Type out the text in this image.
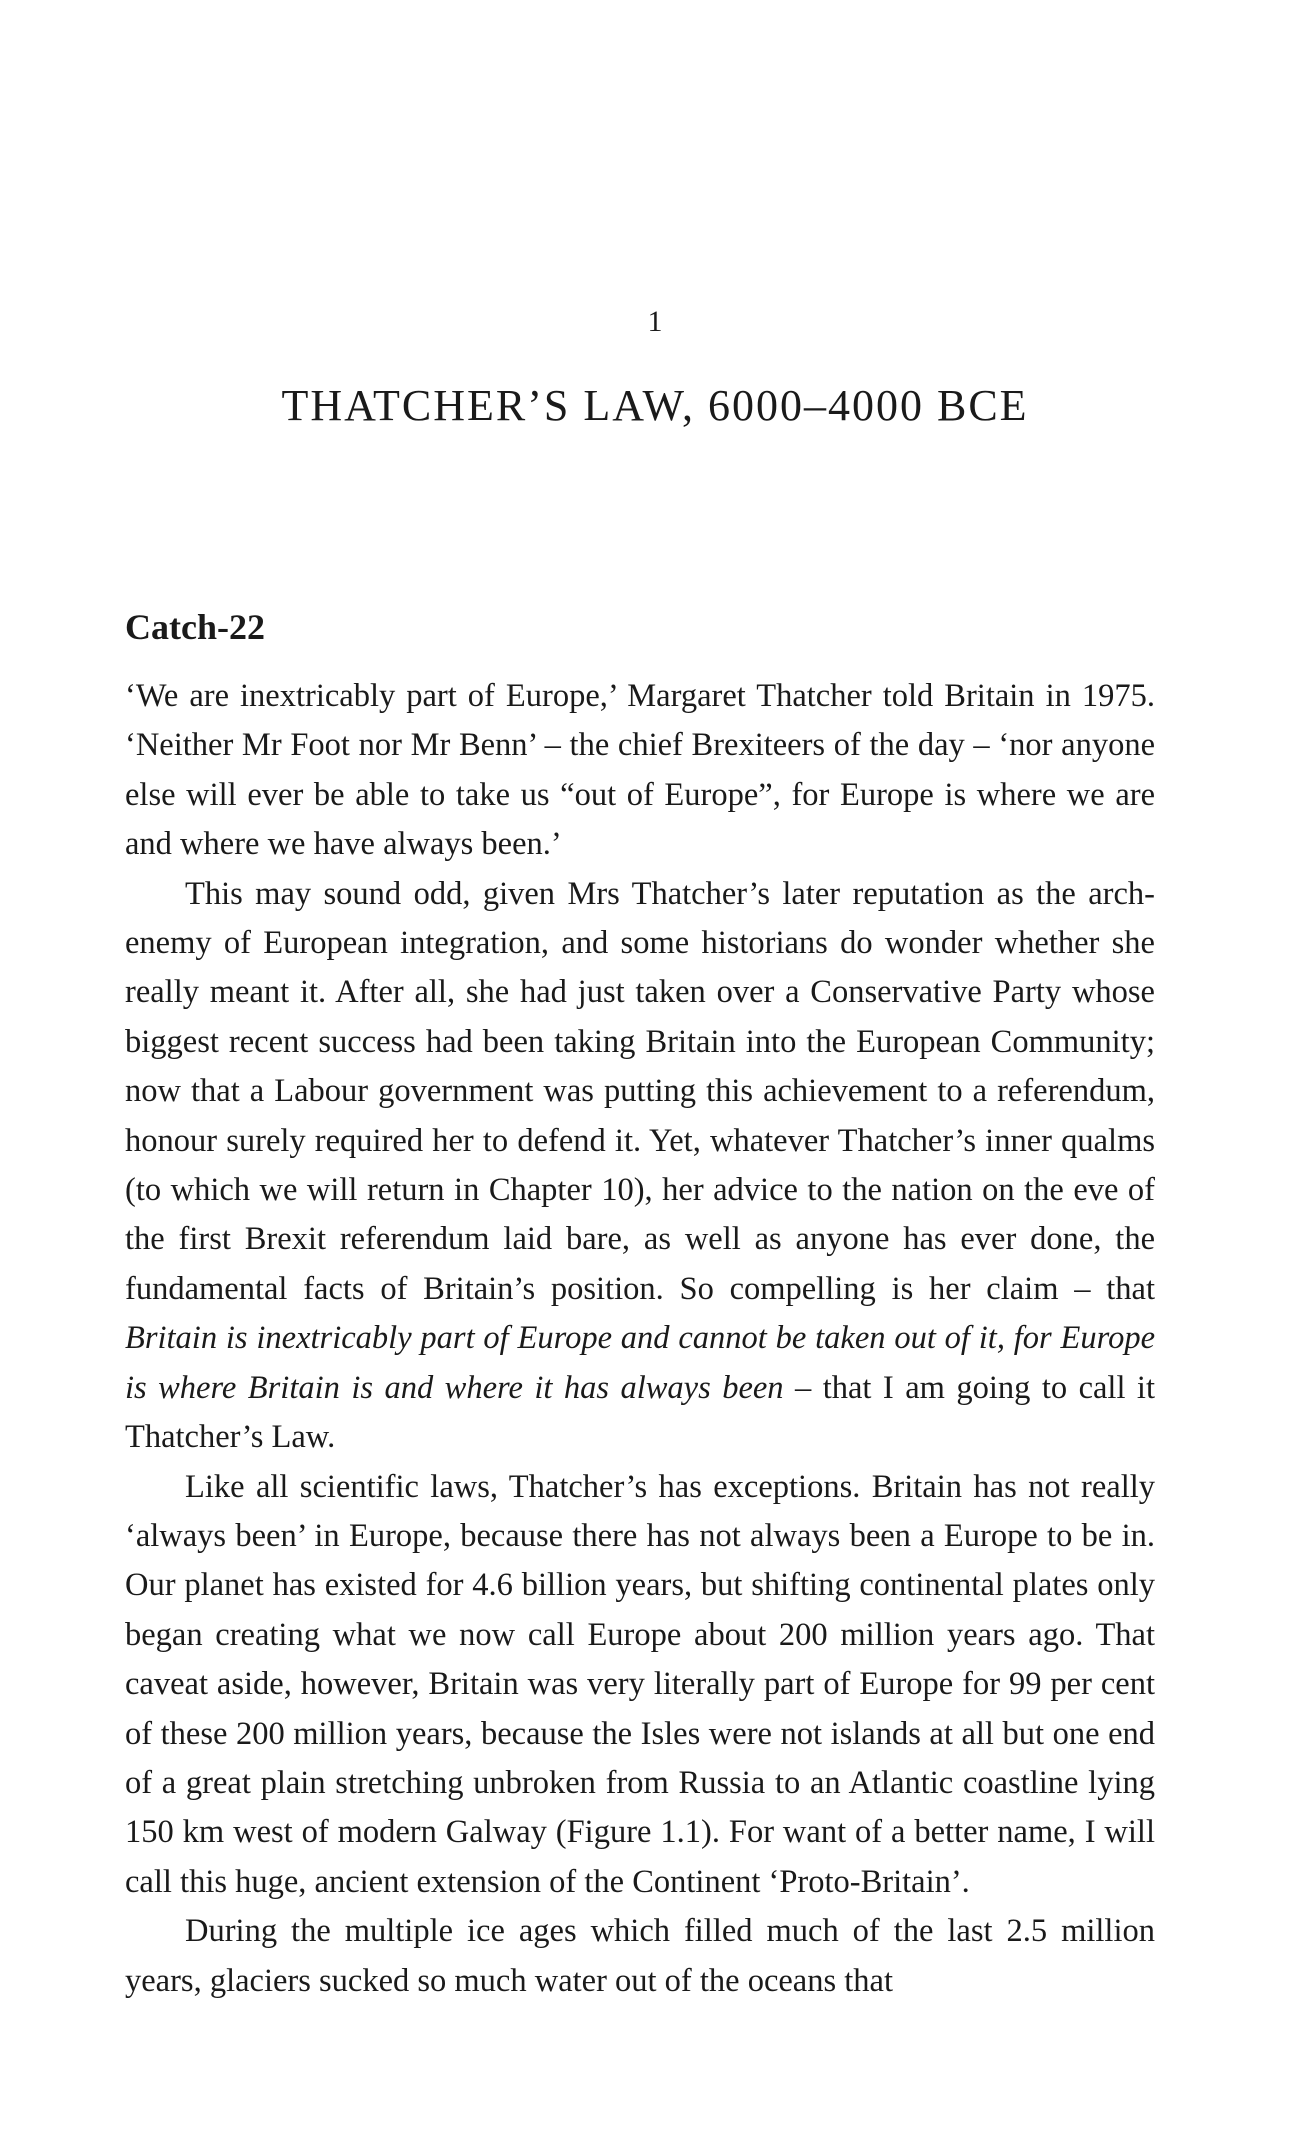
1
THATCHER’S LAW, 6000–4000 BCE
Catch-22

‘We are inextricably part of Europe,’ Margaret Thatcher told Britain in 1975. ‘Neither Mr Foot nor Mr Benn’ – the chief Brexiteers of the day – ‘nor anyone else will ever be able to take us “out of Europe”, for Europe is where we are and where we have always been.’

This may sound odd, given Mrs Thatcher’s later reputation as the arch-enemy of European integration, and some historians do wonder whether she really meant it. After all, she had just taken over a Conservative Party whose biggest recent success had been taking Britain into the European Community; now that a Labour government was putting this achievement to a referendum, honour surely required her to defend it. Yet, whatever Thatcher’s inner qualms (to which we will return in Chapter 10), her advice to the nation on the eve of the first Brexit referendum laid bare, as well as anyone has ever done, the fundamental facts of Britain’s position. So compelling is her claim – that Britain is inextricably part of Europe and cannot be taken out of it, for Europe is where Britain is and where it has always been – that I am going to call it Thatcher’s Law.

Like all scientific laws, Thatcher’s has exceptions. Britain has not really ‘always been’ in Europe, because there has not always been a Europe to be in. Our planet has existed for 4.6 billion years, but shifting continental plates only began creating what we now call Europe about 200 million years ago. That caveat aside, however, Britain was very literally part of Europe for 99 per cent of these 200 million years, because the Isles were not islands at all but one end of a great plain stretching unbroken from Russia to an Atlantic coastline lying 150 km west of modern Galway (Figure 1.1). For want of a better name, I will call this huge, ancient extension of the Continent ‘Proto-Britain’.

During the multiple ice ages which filled much of the last 2.5 million years, glaciers sucked so much water out of the oceans that
